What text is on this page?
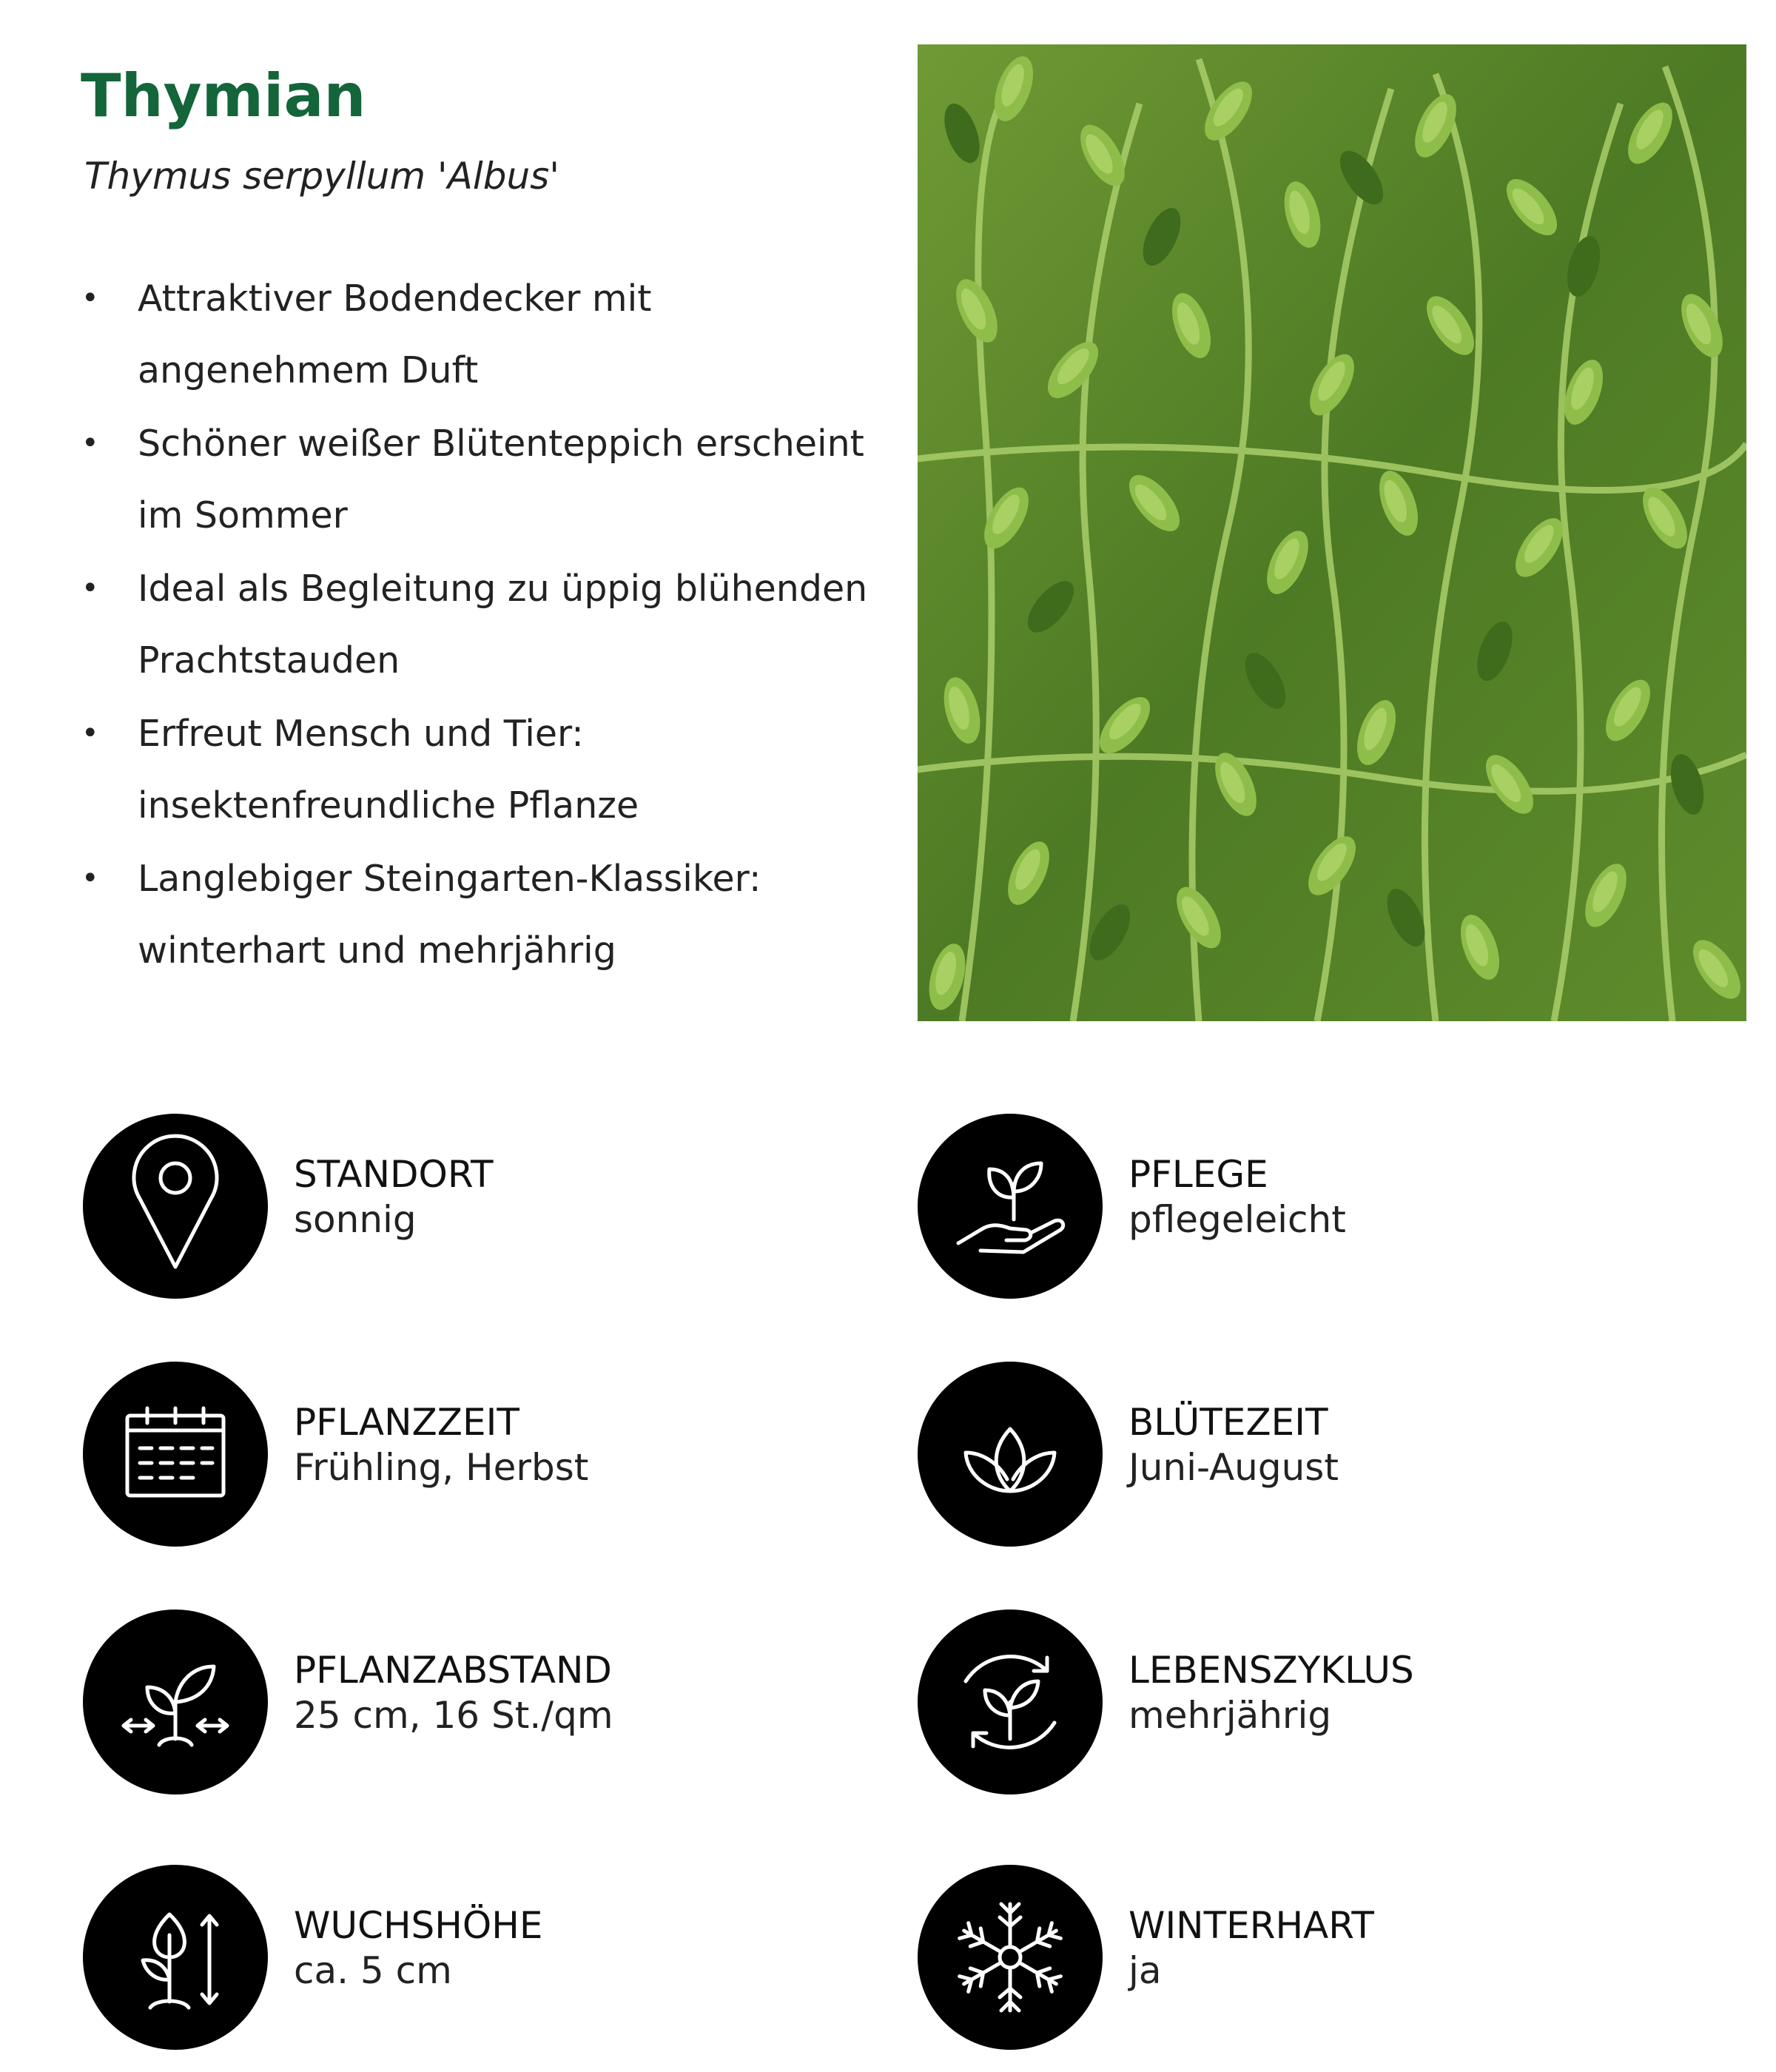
Thymian

Thymus serpyllum 'Albus'

• Attraktiver Bodendecker mit
angenehmem Duft
• Schöner weißer Blütenteppich erscheint
im Sommer
• Ideal als Begleitung zu üppig blühenden
Prachtstauden
• Erfreut Mensch und Tier:
insektenfreundliche Pflanze
• Langlebiger Steingarten-Klassiker:
winterhart und mehrjährig
STANDORT
sonnig
PFLEGE
pflegeleicht
PFLANZZEIT
Frühling, Herbst
BLÜTEZEIT
Juni-August
PFLANZABSTAND
25 cm, 16 St./qm
LEBENSZYKLUS
mehrjährig
WUCHSHÖHE
ca. 5 cm
WINTERHART
ja
